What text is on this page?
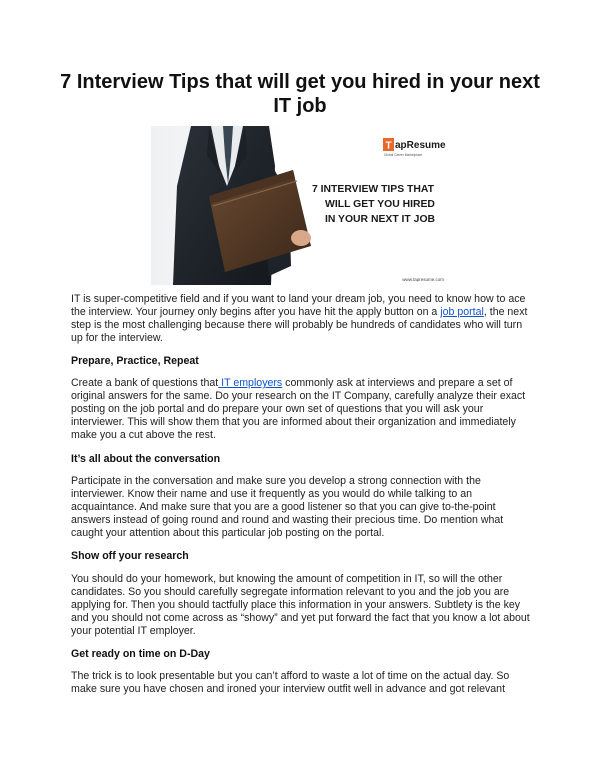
7 Interview Tips that will get you hired in your next IT job
T apResume
Global Career Marketplace
7 INTERVIEW TIPS THAT
WILL GET YOU HIRED
IN YOUR NEXT IT JOB
www.tapresume.com

IT is super-competitive field and if you want to land your dream job, you need to know how to ace the interview. Your journey only begins after you have hit the apply button on a job portal, the next step is the most challenging because there will probably be hundreds of candidates who will turn up for the interview.

Prepare, Practice, Repeat

Create a bank of questions that IT employers commonly ask at interviews and prepare a set of original answers for the same. Do your research on the IT Company, carefully analyze their exact posting on the job portal and do prepare your own set of questions that you will ask your interviewer. This will show them that you are informed about their organization and immediately make you a cut above the rest.

It’s all about the conversation

Participate in the conversation and make sure you develop a strong connection with the interviewer. Know their name and use it frequently as you would do while talking to an acquaintance. And make sure that you are a good listener so that you can give to-the-point answers instead of going round and round and wasting their precious time. Do mention what caught your attention about this particular job posting on the portal.

Show off your research

You should do your homework, but knowing the amount of competition in IT, so will the other candidates. So you should carefully segregate information relevant to you and the job you are applying for. Then you should tactfully place this information in your answers. Subtlety is the key and you should not come across as “showy” and yet put forward the fact that you know a lot about your potential IT employer.

Get ready on time on D-Day

The trick is to look presentable but you can’t afford to waste a lot of time on the actual day. So make sure you have chosen and ironed your interview outfit well in advance and got relevant
